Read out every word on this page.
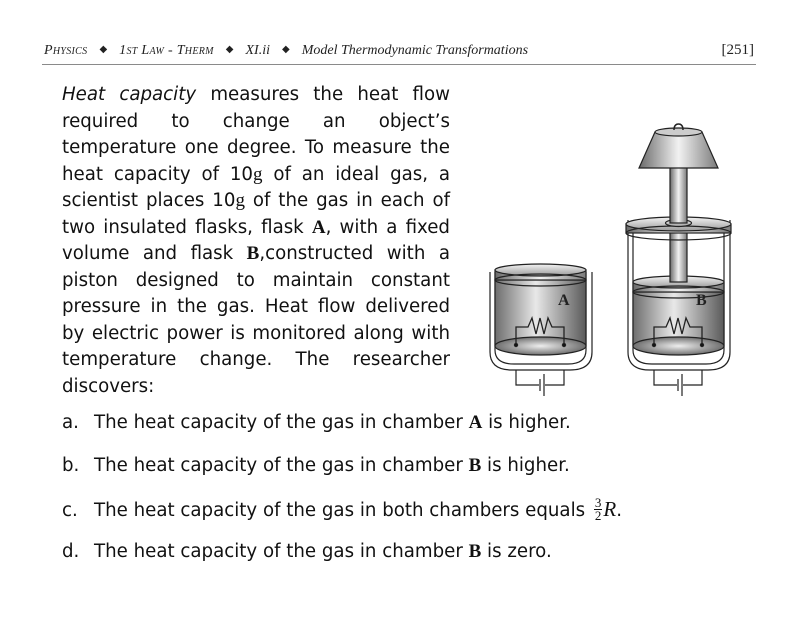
Physics ◆ 1st Law - Therm ◆ XI.ii ◆ Model Thermodynamic Transformations	[251]
Heat capacity measures the heat flow required to change an object’s temperature one degree. To measure the heat capacity of 10g of an ideal gas, a scientist places 10g of the gas in each of two insulated flasks, flask A, with a fixed volume and flask B,constructed with a piston designed to maintain constant pressure in the gas. Heat flow delivered by electric power is monitored along with temperature change. The researcher discovers:
A	B
a. The heat capacity of the gas in chamber A is higher.
b. The heat capacity of the gas in chamber B is higher.
c. The heat capacity of the gas in both chambers equals $\frac{3}{2} R$.
d. The heat capacity of the gas in chamber B is zero.
